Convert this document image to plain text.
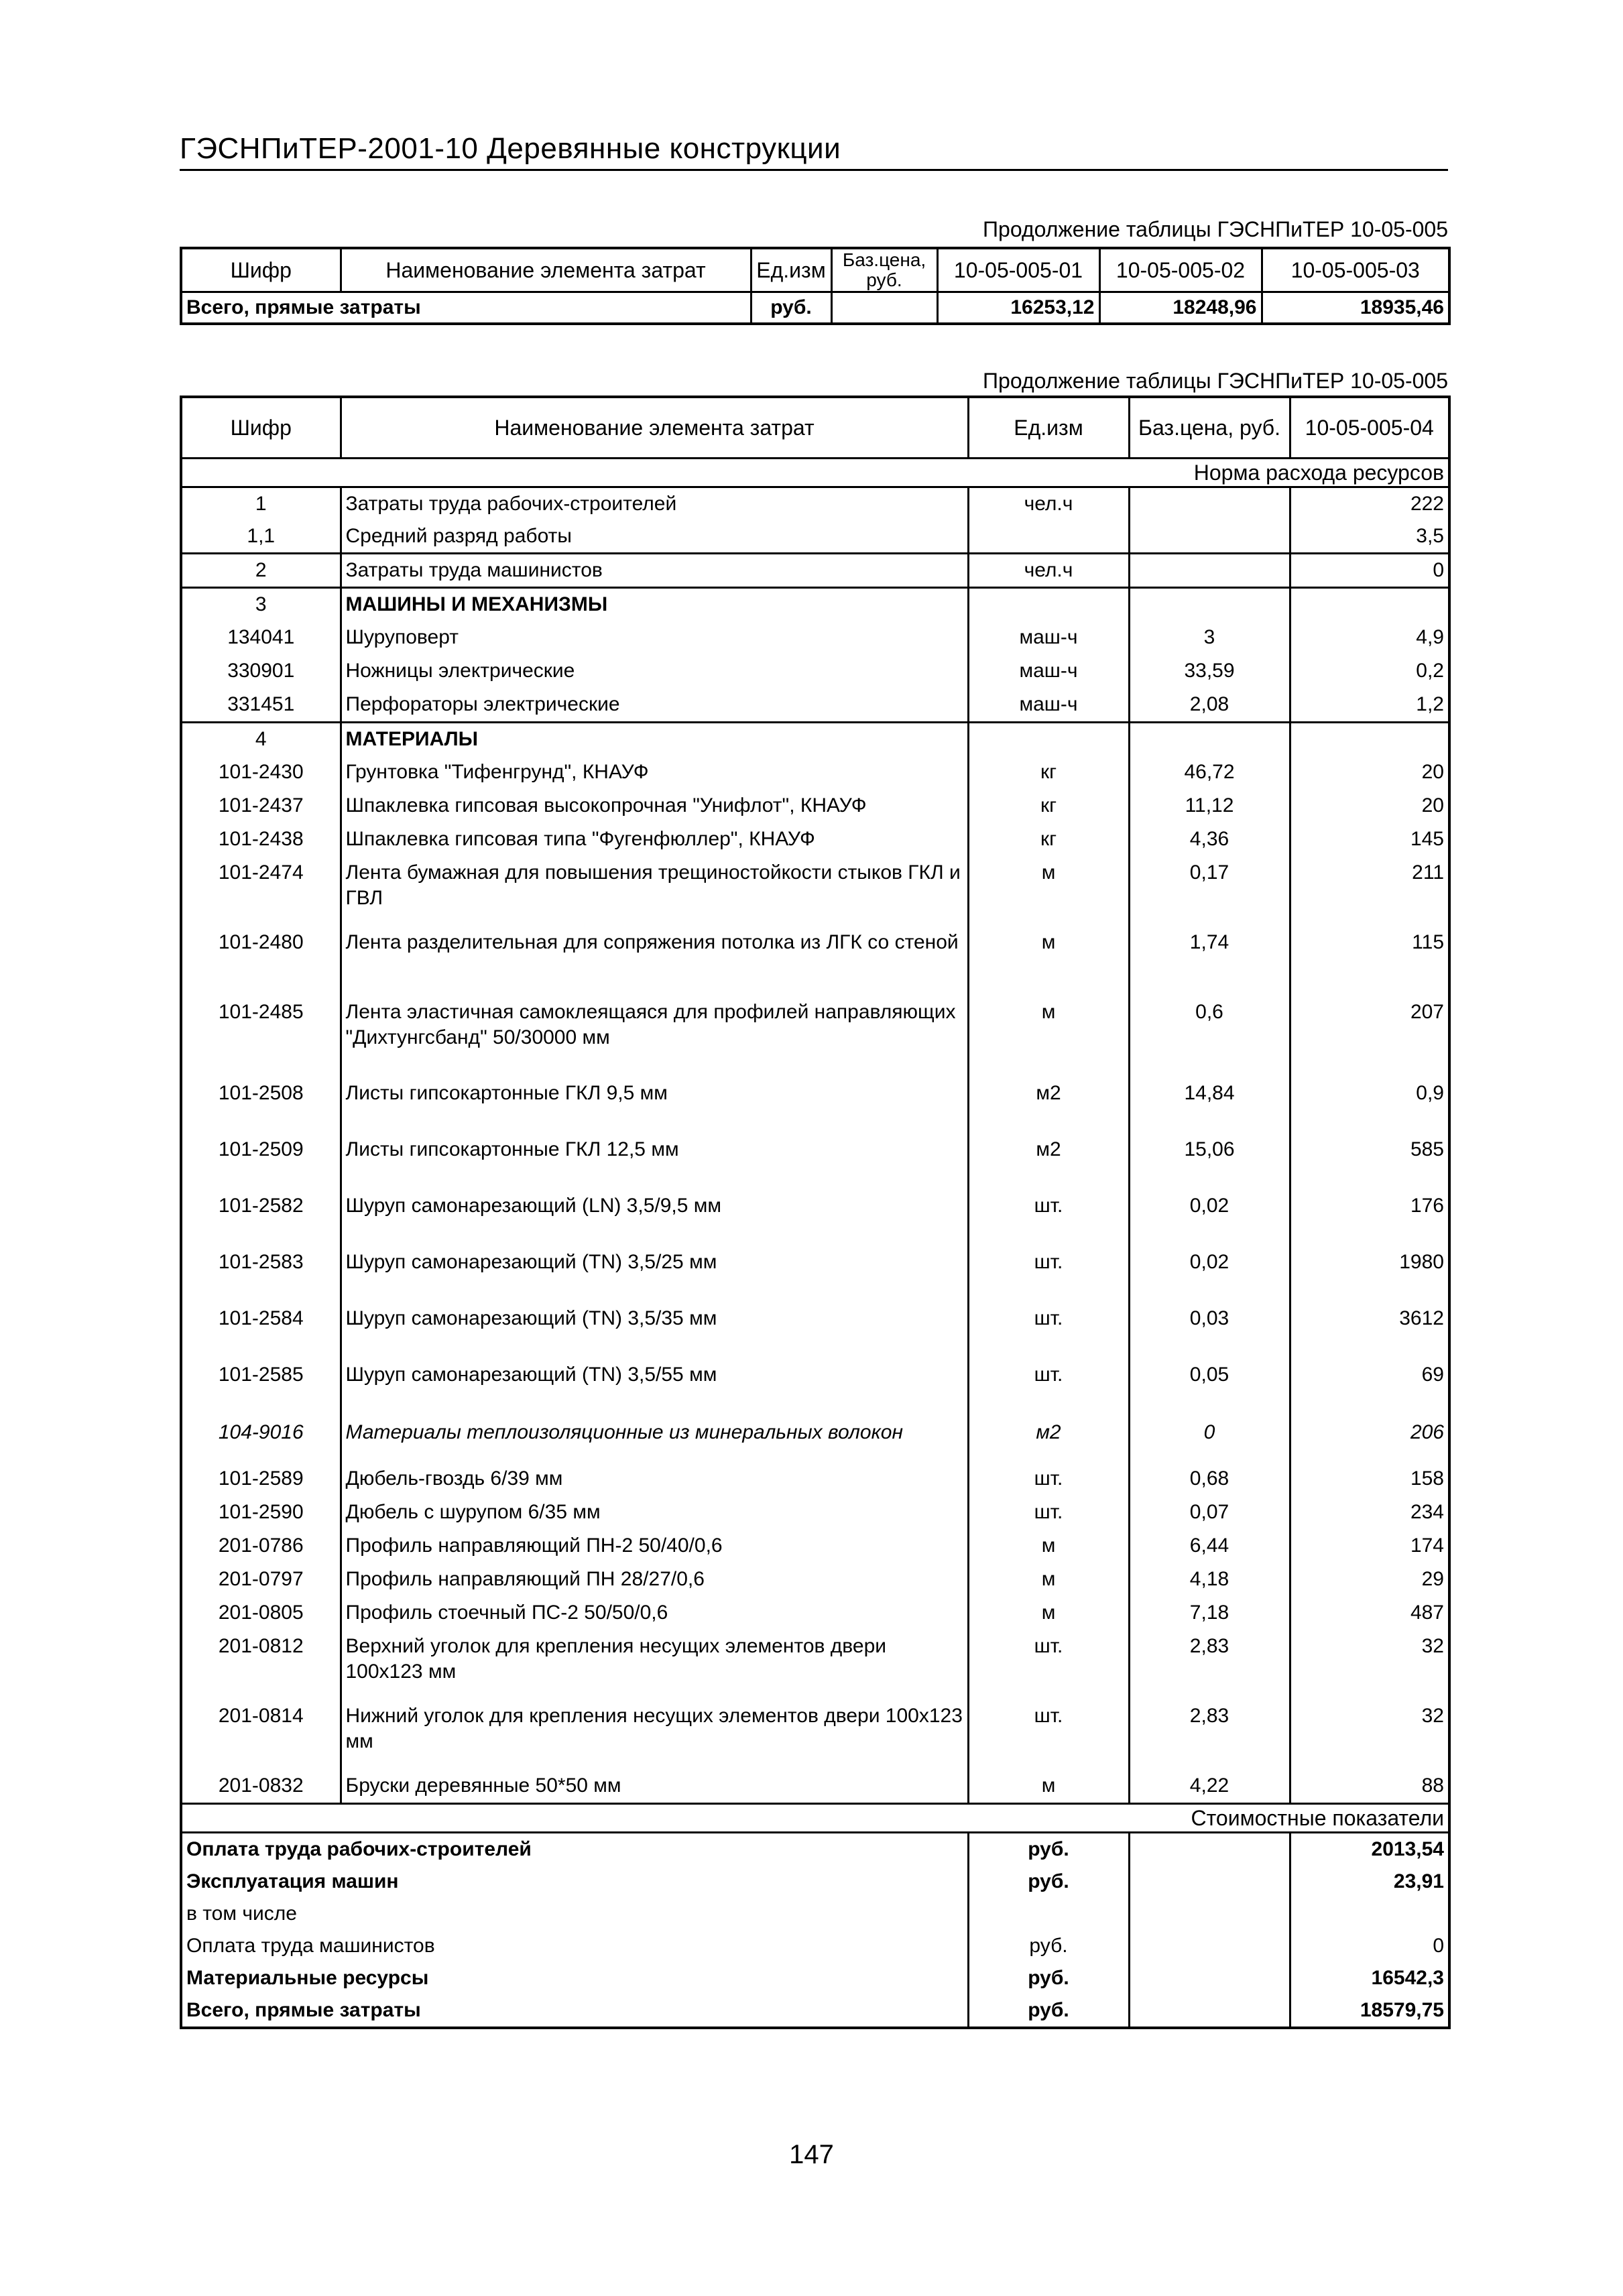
ГЭСНПиТЕР-2001-10 Деревянные конструкции
Продолжение таблицы ГЭСНПиТЕР 10-05-005
Шифр	Наименование элемента затрат	Ед.изм	Баз.цена, руб.	10-05-005-01	10-05-005-02	10-05-005-03
Всего, прямые затраты		руб.		16253,12	18248,96	18935,46
Продолжение таблицы ГЭСНПиТЕР 10-05-005
Шифр	Наименование элемента затрат	Ед.изм	Баз.цена, руб.	10-05-005-04
			Норма расхода ресурсов	
1	Затраты труда рабочих-строителей	чел.ч		222
1,1	Средний разряд работы			3,5
2	Затраты труда машинистов	чел.ч		0
3	МАШИНЫ И МЕХАНИЗМЫ			
134041	Шуруповерт	маш-ч	3	4,9
330901	Ножницы электрические	маш-ч	33,59	0,2
331451	Перфораторы электрические	маш-ч	2,08	1,2
4	МАТЕРИАЛЫ			
101-2430	Грунтовка "Тифенгрунд", КНАУФ	кг	46,72	20
101-2437	Шпаклевка гипсовая высокопрочная "Унифлот", КНАУФ	кг	11,12	20
101-2438	Шпаклевка гипсовая типа "Фугенфюллер", КНАУФ	кг	4,36	145
101-2474	Лента бумажная для повышения трещиностойкости стыков ГКЛ и ГВЛ	м	0,17	211
101-2480	Лента разделительная для сопряжения потолка из ЛГК со стеной	м	1,74	115
101-2485	Лента эластичная самоклеящаяся для профилей направляющих "Дихтунгсбанд" 50/30000 мм	м	0,6	207
101-2508	Листы гипсокартонные ГКЛ 9,5 мм	м2	14,84	0,9
101-2509	Листы гипсокартонные ГКЛ 12,5 мм	м2	15,06	585
101-2582	Шуруп самонарезающий (LN) 3,5/9,5 мм	шт.	0,02	176
101-2583	Шуруп самонарезающий (TN) 3,5/25 мм	шт.	0,02	1980
101-2584	Шуруп самонарезающий (TN) 3,5/35 мм	шт.	0,03	3612
101-2585	Шуруп самонарезающий (TN) 3,5/55 мм	шт.	0,05	69
104-9016	Материалы теплоизоляционные из минеральных волокон	м2	0	206
101-2589	Дюбель-гвоздь 6/39 мм	шт.	0,68	158
101-2590	Дюбель с шурупом 6/35 мм	шт.	0,07	234
201-0786	Профиль направляющий ПН-2 50/40/0,6	м	6,44	174
201-0797	Профиль направляющий ПН 28/27/0,6	м	4,18	29
201-0805	Профиль стоечный ПС-2 50/50/0,6	м	7,18	487
201-0812	Верхний уголок для крепления несущих элементов двери 100х123 мм	шт.	2,83	32
201-0814	Нижний уголок для крепления несущих элементов двери 100х123 мм	шт.	2,83	32
201-0832	Бруски деревянные 50*50 мм	м	4,22	88
			Стоимостные показатели	
Оплата труда рабочих-строителей		руб.		2013,54
Эксплуатация машин		руб.		23,91
в том числе				
Оплата труда машинистов		руб.		0
Материальные ресурсы		руб.		16542,3
Всего, прямые затраты		руб.		18579,75
147
